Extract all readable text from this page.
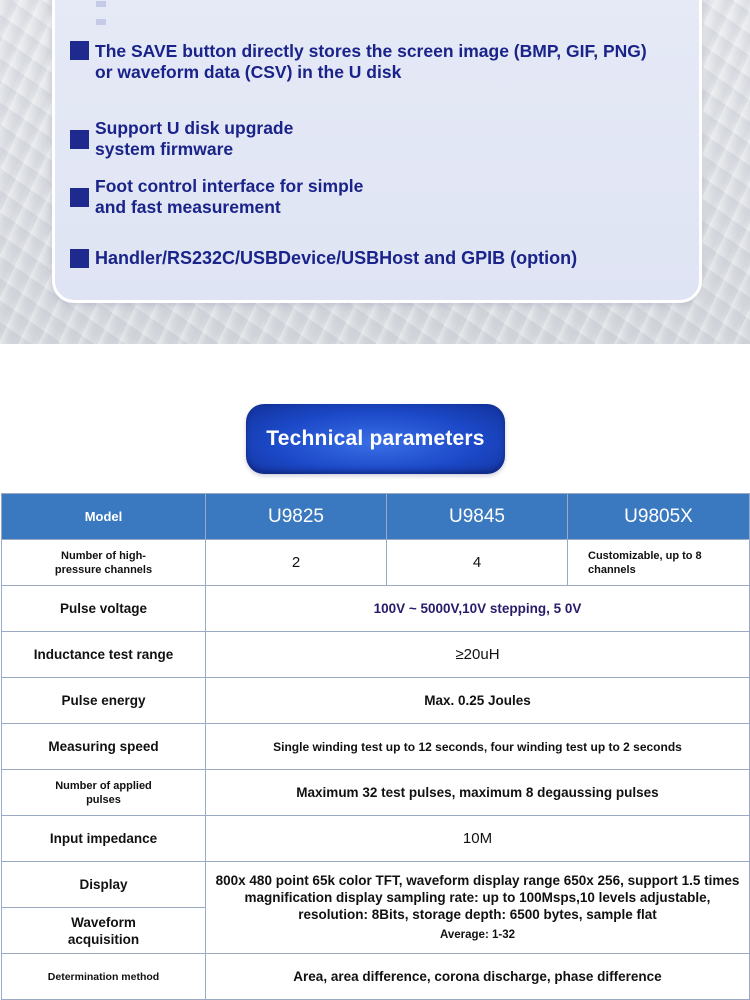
The SAVE button directly stores the screen image (BMP, GIF, PNG)
or waveform data (CSV) in the U disk
Support U disk upgrade
system firmware
Foot control interface for simple
and fast measurement
Handler/RS232C/USBDevice/USBHost and GPIB (option)
Technical parameters
Model	U9825	U9845	U9805X
Number of high-
pressure channels	2	4	Customizable, up to 8
channels
Pulse voltage	100V ~ 5000V,10V stepping, 5 0V		
Inductance test range	≥20uH		
Pulse energy	Max. 0.25 Joules		
Measuring speed	Single winding test up to 12 seconds, four winding test up to 2 seconds		
Number of applied
pulses	Maximum 32 test pulses, maximum 8 degaussing pulses		
Input impedance	10M		
Display	800x 480 point 65k color TFT, waveform display range 650x 256, support 1.5 times magnification display sampling rate: up to 100Msps,10 levels adjustable, resolution: 8Bits, storage depth: 6500 bytes, sample flat
Average: 1-32		

Waveform
acquisition			
Determination method	Area, area difference, corona discharge, phase difference		
